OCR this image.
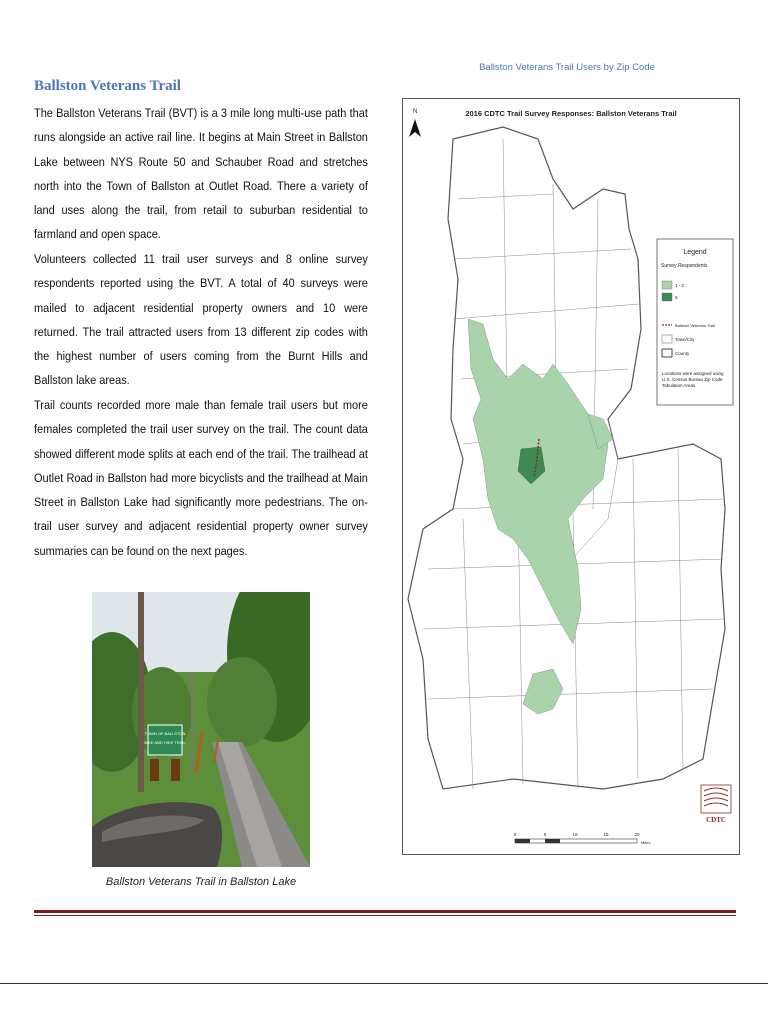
Ballston Veterans Trail
The Ballston Veterans Trail (BVT) is a 3 mile long multi-use path that runs alongside an active rail line. It begins at Main Street in Ballston Lake between NYS Route 50 and Schauber Road and stretches north into the Town of Ballston at Outlet Road. There a variety of land uses along the trail, from retail to suburban residential to farmland and open space.
Volunteers collected 11 trail user surveys and 8 online survey respondents reported using the BVT. A total of 40 surveys were mailed to adjacent residential property owners and 10 were returned. The trail attracted users from 13 different zip codes with the highest number of users coming from the Burnt Hills and Ballston lake areas.
Trail counts recorded more male than female trail users but more females completed the trail user survey on the trail. The count data showed different mode splits at each end of the trail. The trailhead at Outlet Road in Ballston had more bicyclists and the trailhead at Main Street in Ballston Lake had significantly more pedestrians. The on-trail user survey and adjacent residential property owner survey summaries can be found on the next pages.
TOWN OF BALLSTON
BIKE AND HIKE TRAIL
Ballston Veterans Trail in Ballston Lake
Ballston Veterans Trail Users by Zip Code
2016 CDTC Trail Survey Responses: Ballston Veterans Trail
N
Legend
Survey Respondents
1 - 2
5
Ballston Veterans Trail
Town/City
County
Locations were assigned using U.S. Census Bureau Zip Code Tabulation Areas.
0	5	10	15	20
Miles
CDTC
